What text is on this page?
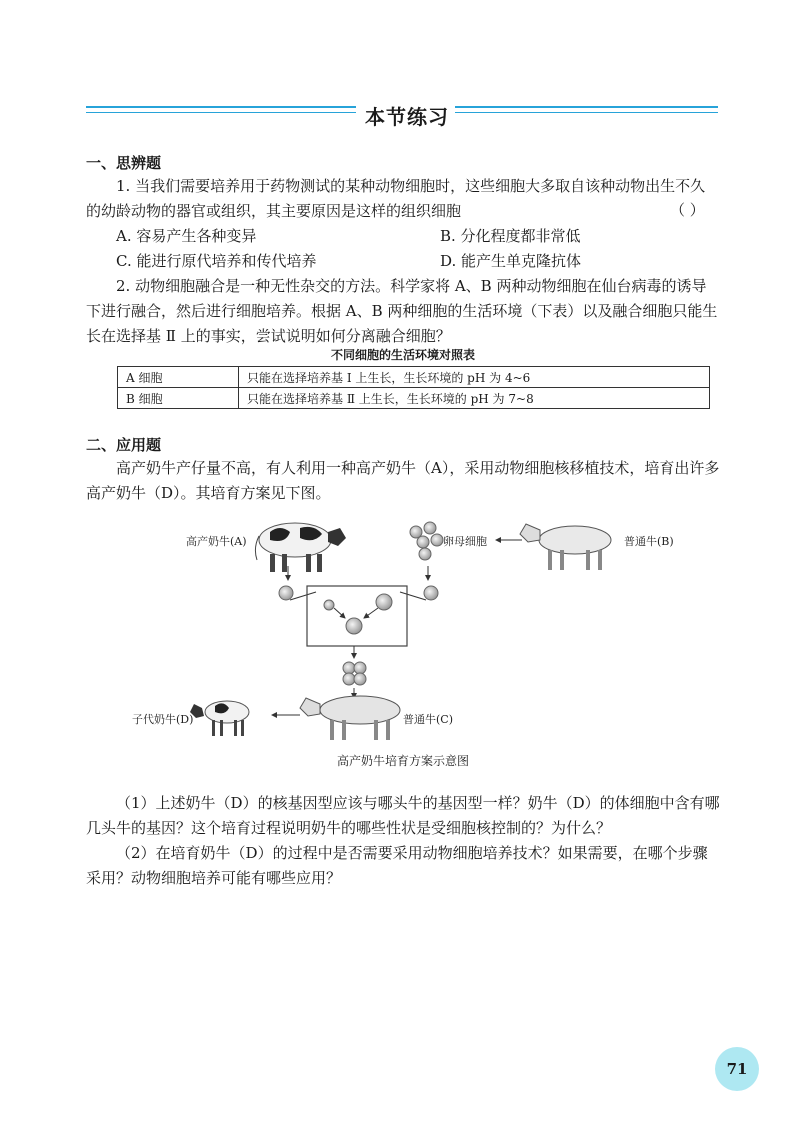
本节练习
一、思辨题
1. 当我们需要培养用于药物测试的某种动物细胞时，这些细胞大多取自该种动物出生不久的幼龄动物的器官或组织，其主要原因是这样的组织细胞	（ ）
A. 容易产生各种变异	B. 分化程度都非常低
C. 能进行原代培养和传代培养	D. 能产生单克隆抗体
2. 动物细胞融合是一种无性杂交的方法。科学家将 A、B 两种动物细胞在仙台病毒的诱导下进行融合，然后进行细胞培养。根据 A、B 两种细胞的生活环境（下表）以及融合细胞只能生长在选择基 Ⅱ 上的事实，尝试说明如何分离融合细胞？
不同细胞的生活环境对照表
A 细胞	只能在选择培养基 Ⅰ 上生长，生长环境的 pH 为 4~6
B 细胞	只能在选择培养基 Ⅱ 上生长，生长环境的 pH 为 7~8
二、应用题
高产奶牛产仔量不高，有人利用一种高产奶牛（A），采用动物细胞核移植技术，培育出许多高产奶牛（D）。其培育方案见下图。
高产奶牛(A)	卵母细胞	普通牛(B)
子代奶牛(D)	普通牛(C)
高产奶牛培育方案示意图
（1）上述奶牛（D）的核基因型应该与哪头牛的基因型一样？奶牛（D）的体细胞中含有哪几头牛的基因？这个培育过程说明奶牛的哪些性状是受细胞核控制的？为什么？
（2）在培育奶牛（D）的过程中是否需要采用动物细胞培养技术？如果需要，在哪个步骤采用？动物细胞培养可能有哪些应用？
71
